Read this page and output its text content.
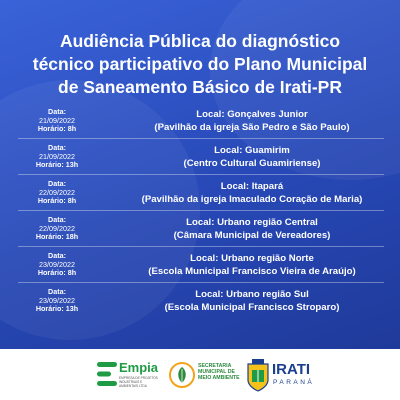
Audiência Pública do diagnóstico
técnico participativo do Plano Municipal
de Saneamento Básico de Irati-PR
Data:
21/09/2022
Horário: 8h
Local: Gonçalves Junior
(Pavilhão da igreja São Pedro e São Paulo)
Data:
21/09/2022
Horário: 13h
Local: Guamirim
(Centro Cultural Guamiriense)
Data:
22/09/2022
Horário: 8h
Local: Itapará
(Pavilhão da igreja Imaculado Coração de Maria)
Data:
22/09/2022
Horário: 18h
Local: Urbano região Central
(Câmara Municipal de Vereadores)
Data:
23/09/2022
Horário: 8h
Local: Urbano região Norte
(Escola Municipal Francisco Vieira de Araújo)
Data:
23/09/2022
Horário: 13h
Local: Urbano região Sul
(Escola Municipal Francisco Stroparo)
Empia
EMPRESA DE PROJETOS INDUSTRIAIS E AMBIENTAIS LTDA
SECRETARIA
MUNICIPAL DE
MEIO AMBIENTE
IRATI
PARANÁ
